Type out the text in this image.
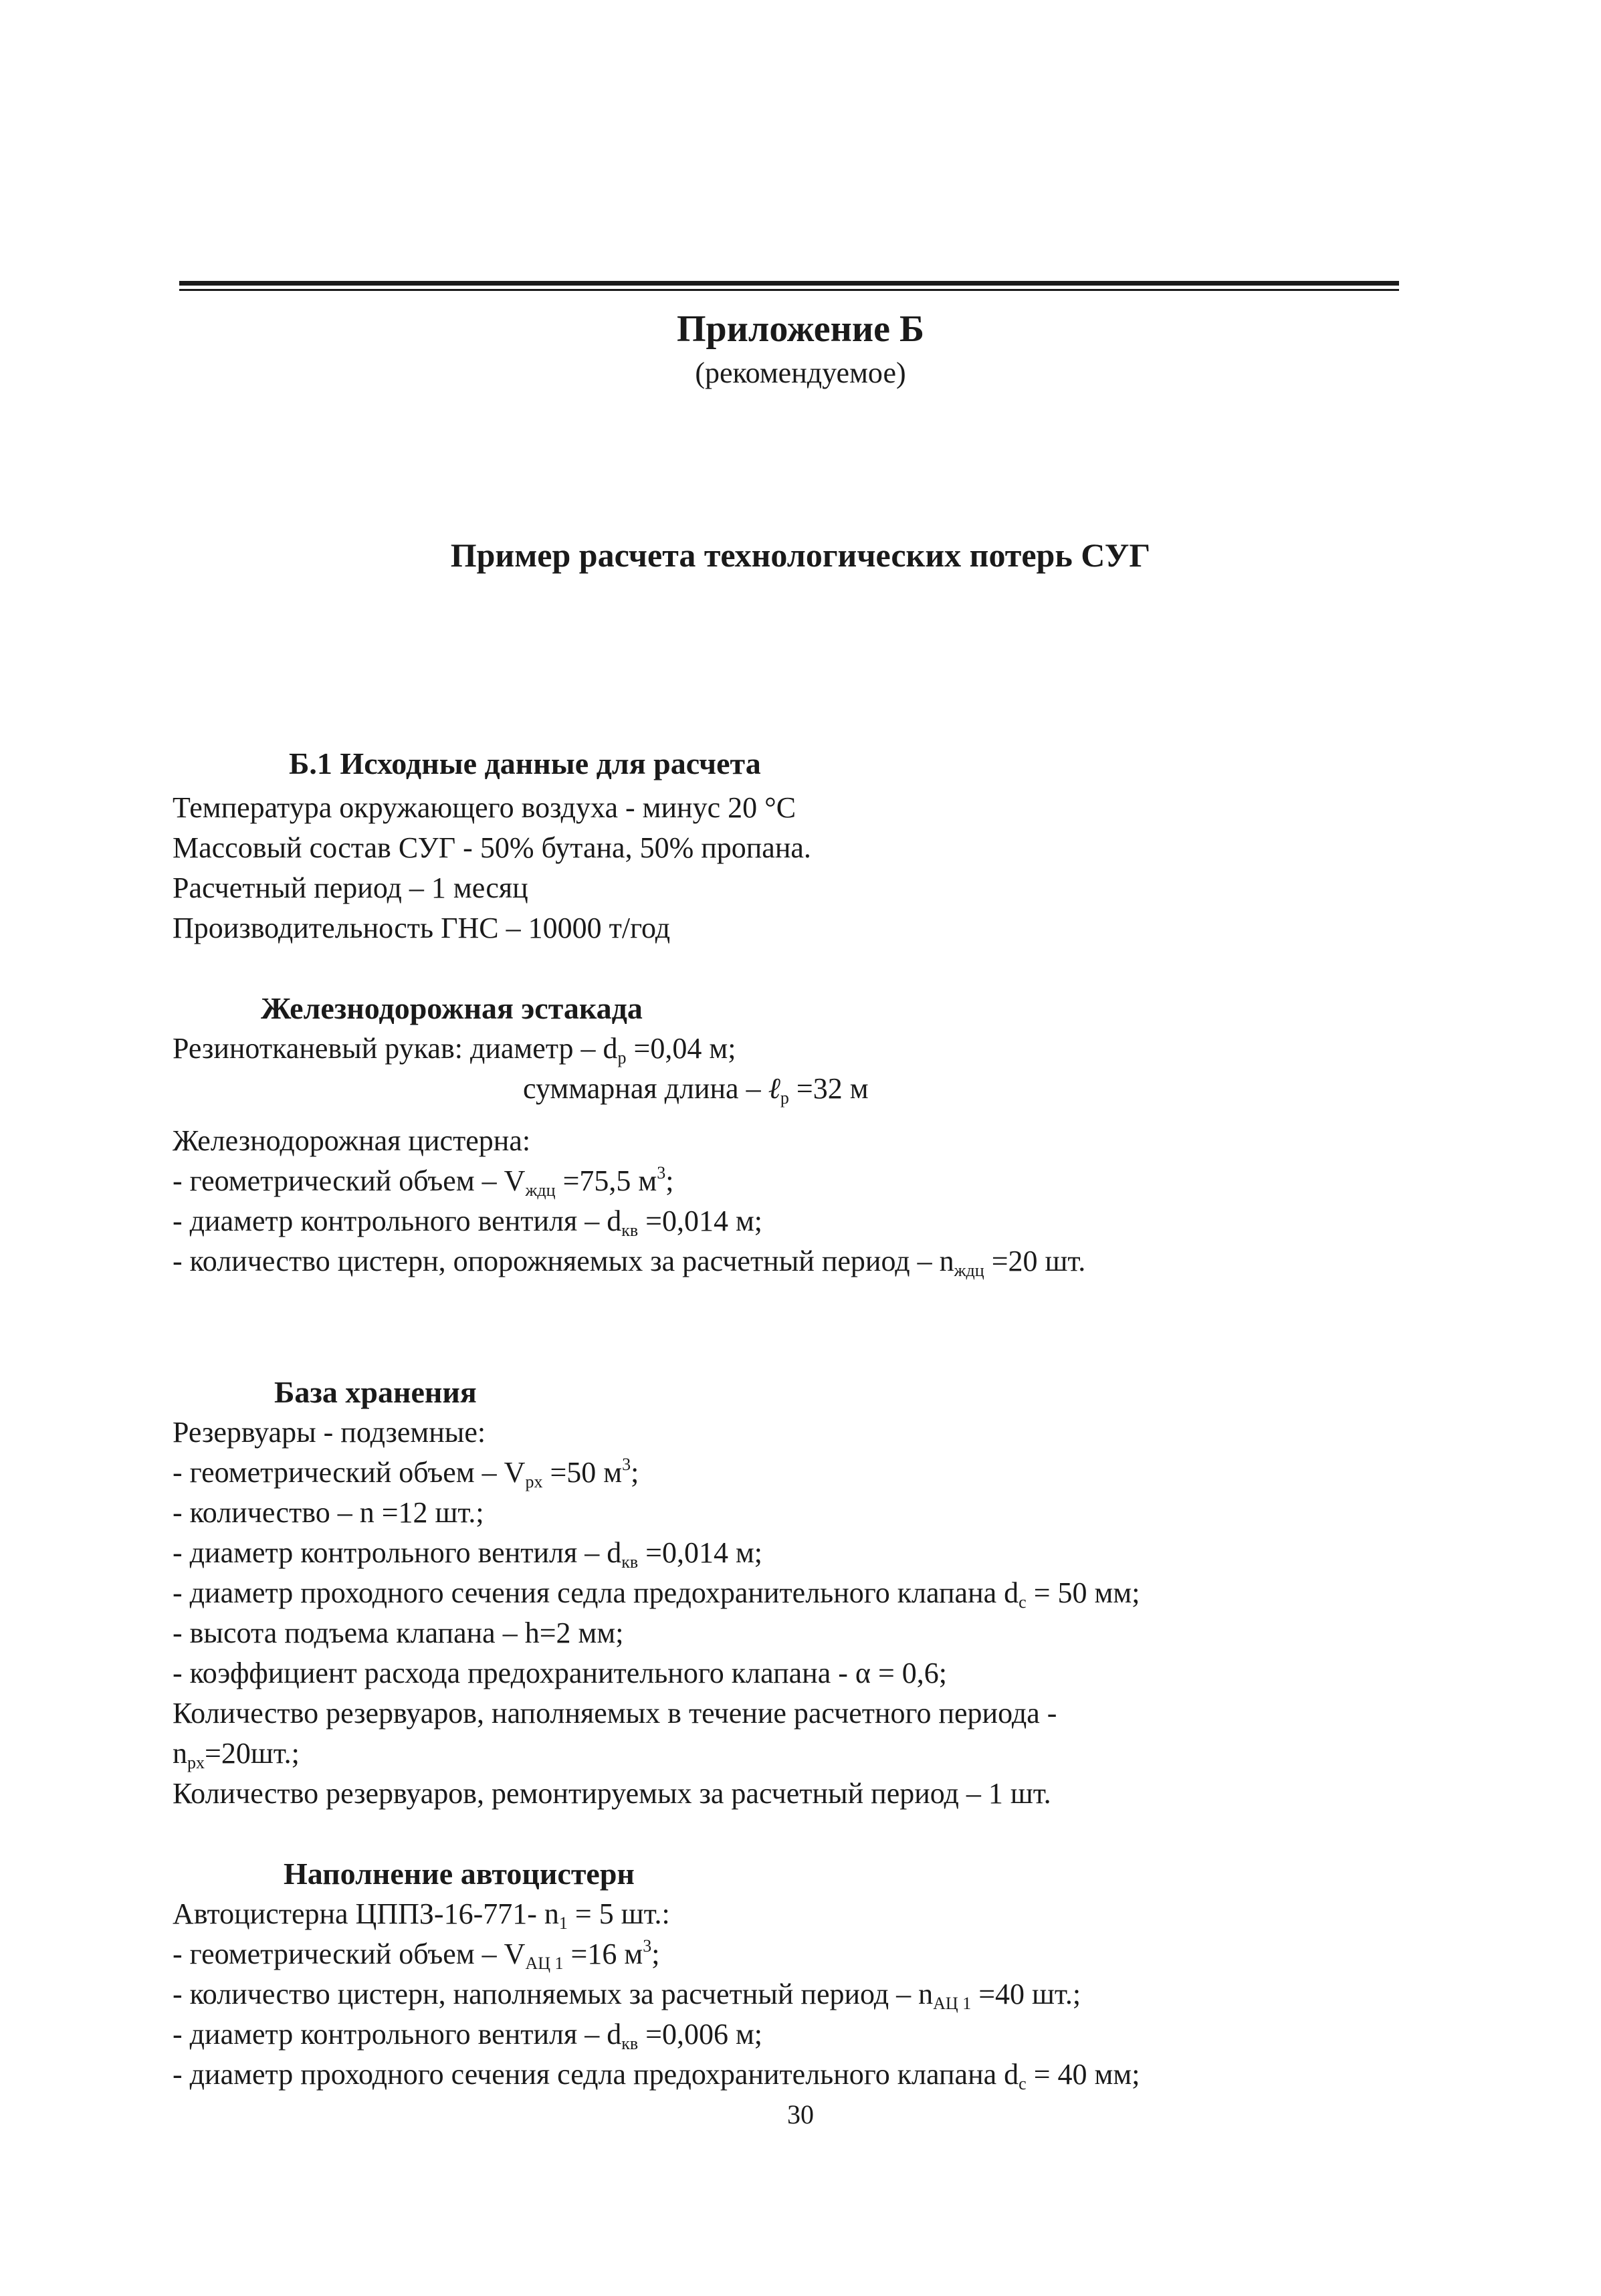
Приложение Б
(рекомендуемое)
Пример расчета технологических потерь СУГ
Б.1 Исходные данные для расчета
Температура окружающего воздуха - минус 20 °С
Массовый состав СУГ - 50% бутана, 50% пропана.
Расчетный период – 1 месяц
Производительность ГНС – 10000 т/год
Железнодорожная эстакада
Резинотканевый рукав: диаметр – $d_р =0,04$ м;
суммарная длина – ℓ$_р$ =32 м
Железнодорожная цистерна:
- геометрический объем – $V_{ждц} =75,5$ $м^3$;
- диаметр контрольного вентиля – $d_{кв} =0,014$ м;
- количество цистерн, опорожняемых за расчетный период – $n_{ждц} =20$ шт.
База хранения
Резервуары - подземные:
- геометрический объем – $V_{рх} =50$ $м^3$;
- количество – n =12 шт.;
- диаметр контрольного вентиля – $d_{кв} =0,014$ м;
- диаметр проходного сечения седла предохранительного клапана $d_с = 50$ мм;
- высота подъема клапана – h=2 мм;
- коэффициент расхода предохранительного клапана - α = 0,6;
Количество резервуаров, наполняемых в течение расчетного периода -
$n_{рх}=20шт$.;
Количество резервуаров, ремонтируемых за расчетный период – 1 шт.
Наполнение автоцистерн
Автоцистерна ЦППЗ-16-771- $n_1 = 5$ шт.:
- геометрический объем – $V_{АЦ 1} =16$ $м^3$;
- количество цистерн, наполняемых за расчетный период – $n_{АЦ 1} =40$ шт.;
- диаметр контрольного вентиля – $d_{кв} =0,006$ м;
- диаметр проходного сечения седла предохранительного клапана $d_с = 40$ мм;
30
